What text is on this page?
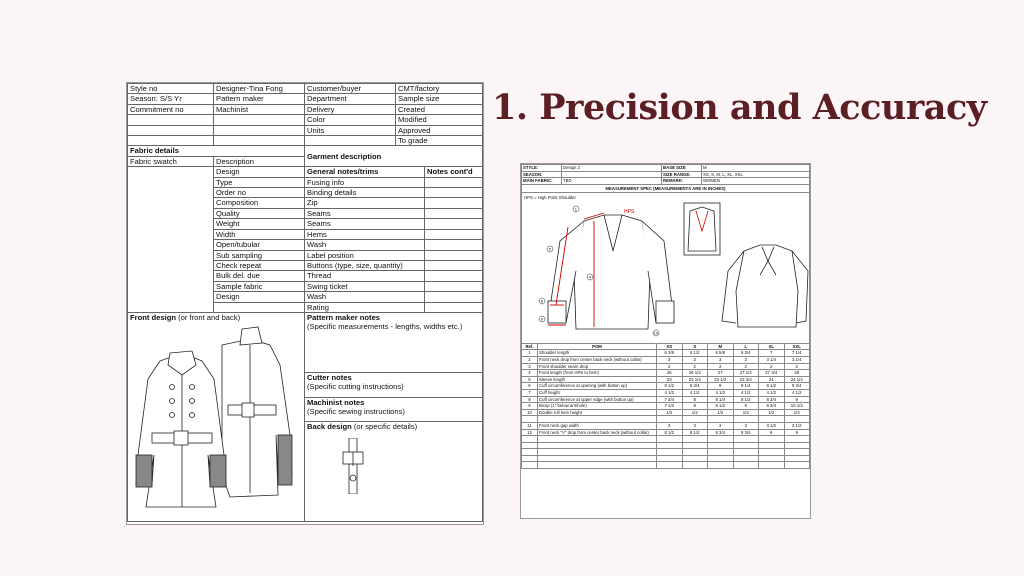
Style no	Designer-Tina Fong	Customer/buyer	CMT/factory
Season: S/S Yr	Pattern maker	Department	Sample size
Commitment no	Machinist	Delivery	Created
		Color	Modified
		Units	Approved
			To grade
Fabric details		Garment description	
Fabric swatch	Description		
	Design	General notes/trims	Notes cont'd
	Type	Fusing info	
	Order no	Binding details	
	Composition	Zip	
	Quality	Seams	
	Weight	Seams	
	Width	Hems	
	Open/tubular	Wash	
	Sub sampling	Label position	
	Check repeat	Buttons (type, size, quantity)	
	Bulk del. due	Thread	
	Sample fabric	Swing ticket	
	Design	Wash	
		Rating	
Front design (or front and back)	Pattern maker notes
(Specific measurements - lengths, widths etc.)

Cutter notes
(Specific cutting instructions)

Machinist notes
(Specific sewing instructions)

Back design (or specific details)
1. Precision and Accuracy
STYLE:	Design 2	BASE SIZE	M
SEASON:		SIZE RANGE:	XS, S, M, L, XL, XXL
MAIN FABRIC:	TBD	REMARK:	WOMEN
MEASUREMENT SPEC (MEASUREMENTS ARE IN INCHES)
HPS = High Point Shoulder
HPS
1
5
4
8
6
10
Ref.	POM	XS	S	M	L	XL	XXL
1	Shoulder length	6 3/8	6 1/2	6 5/8	6 3/4	7	7 1/4
2	Front neck drop from center back neck (without collar)	3	3	3	3	3 1/4	3 1/4
3	Front shoulder seam drop	2	2	2	2	2	2
4	Front length (from HPS to hem)	26	26 1/2	27	27 1/2	27 3/4	28
5	Sleeve length	23	23 1/4	23 1/2	23 3/4	24	24 1/4
6	Cuff circumference at opening (with button up)	8 1/2	8 3/4	9	9 1/4	9 1/2	9 3/4
7	Cuff height	4 1/2	4 1/2	4 1/2	4 1/2	4 1/2	4 1/2
8	Cuff circumference at upper edge (with button up)	7 3/4	8	8 1/4	8 1/2	8 3/4	9
9	Bicep (1" below armhole)	7 1/2	8	8 1/2	9	9 3/4	10 1/2
10	Double roll hem height	1/2	1/2	1/2	1/2	1/2	1/2

11	Front neck gap width	3	3	3	3	3 1/2	3 1/2
12	Front neck "V" drop from center back neck (without collar)	8 1/2	8 1/2	8 3/4	8 3/4	9	9
